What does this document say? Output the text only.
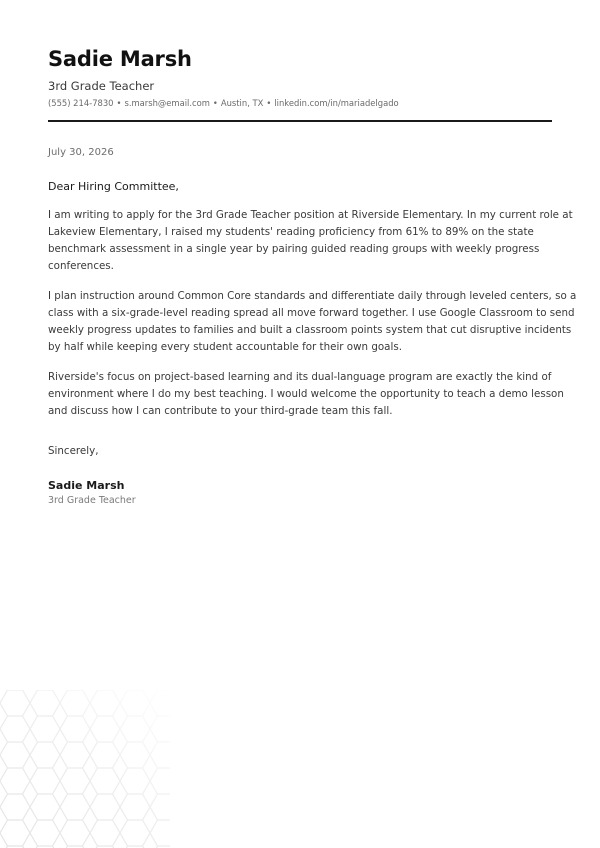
Sadie Marsh
3rd Grade Teacher
(555) 214-7830 • s.marsh@email.com • Austin, TX • linkedin.com/in/mariadelgado
July 30, 2026
Dear Hiring Committee,
I am writing to apply for the 3rd Grade Teacher position at Riverside Elementary. In my current role at
Lakeview Elementary, I raised my students' reading proficiency from 61% to 89% on the state
benchmark assessment in a single year by pairing guided reading groups with weekly progress
conferences.
I plan instruction around Common Core standards and differentiate daily through leveled centers, so a
class with a six-grade-level reading spread all move forward together. I use Google Classroom to send
weekly progress updates to families and built a classroom points system that cut disruptive incidents
by half while keeping every student accountable for their own goals.
Riverside's focus on project-based learning and its dual-language program are exactly the kind of
environment where I do my best teaching. I would welcome the opportunity to teach a demo lesson
and discuss how I can contribute to your third-grade team this fall.
Sincerely,
Sadie Marsh
3rd Grade Teacher
